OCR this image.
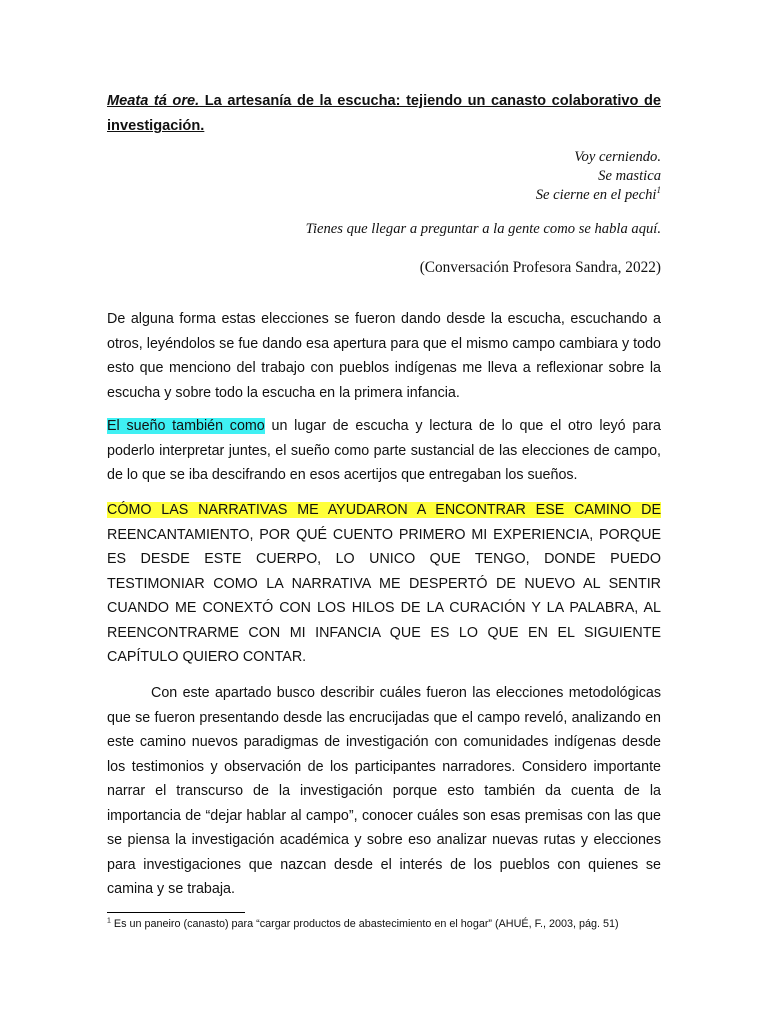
Meata tá ore. La artesanía de la escucha: tejiendo un canasto colaborativo de investigación.
Voy cerniendo.
Se mastica
Se cierne en el pechi$^1$
Tienes que llegar a preguntar a la gente como se habla aquí.
(Conversación Profesora Sandra, 2022)

De alguna forma estas elecciones se fueron dando desde la escucha, escuchando a otros, leyéndolos se fue dando esa apertura para que el mismo campo cambiara y todo esto que menciono del trabajo con pueblos indígenas me lleva a reflexionar sobre la escucha y sobre todo la escucha en la primera infancia.

El sueño también como un lugar de escucha y lectura de lo que el otro leyó para poderlo interpretar juntes, el sueño como parte sustancial de las elecciones de campo, de lo que se iba descifrando en esos acertijos que entregaban los sueños.

CÓMO LAS NARRATIVAS ME AYUDARON A ENCONTRAR ESE CAMINO DE REENCANTAMIENTO, POR QUÉ CUENTO PRIMERO MI EXPERIENCIA, PORQUE ES DESDE ESTE CUERPO, LO UNICO QUE TENGO, DONDE PUEDO TESTIMONIAR COMO LA NARRATIVA ME DESPERTÓ DE NUEVO AL SENTIR CUANDO ME CONEXTÓ CON LOS HILOS DE LA CURACIÓN Y LA PALABRA, AL REENCONTRARME CON MI INFANCIA QUE ES LO QUE EN EL SIGUIENTE CAPÍTULO QUIERO CONTAR.

Con este apartado busco describir cuáles fueron las elecciones metodológicas que se fueron presentando desde las encrucijadas que el campo reveló, analizando en este camino nuevos paradigmas de investigación con comunidades indígenas desde los testimonios y observación de los participantes narradores. Considero importante narrar el transcurso de la investigación porque esto también da cuenta de la importancia de “dejar hablar al campo”, conocer cuáles son esas premisas con las que se piensa la investigación académica y sobre eso analizar nuevas rutas y elecciones para investigaciones que nazcan desde el interés de los pueblos con quienes se camina y se trabaja.

$^1$ Es un paneiro (canasto) para “cargar productos de abastecimiento en el hogar” (AHUÉ, F., 2003, pág. 51)
